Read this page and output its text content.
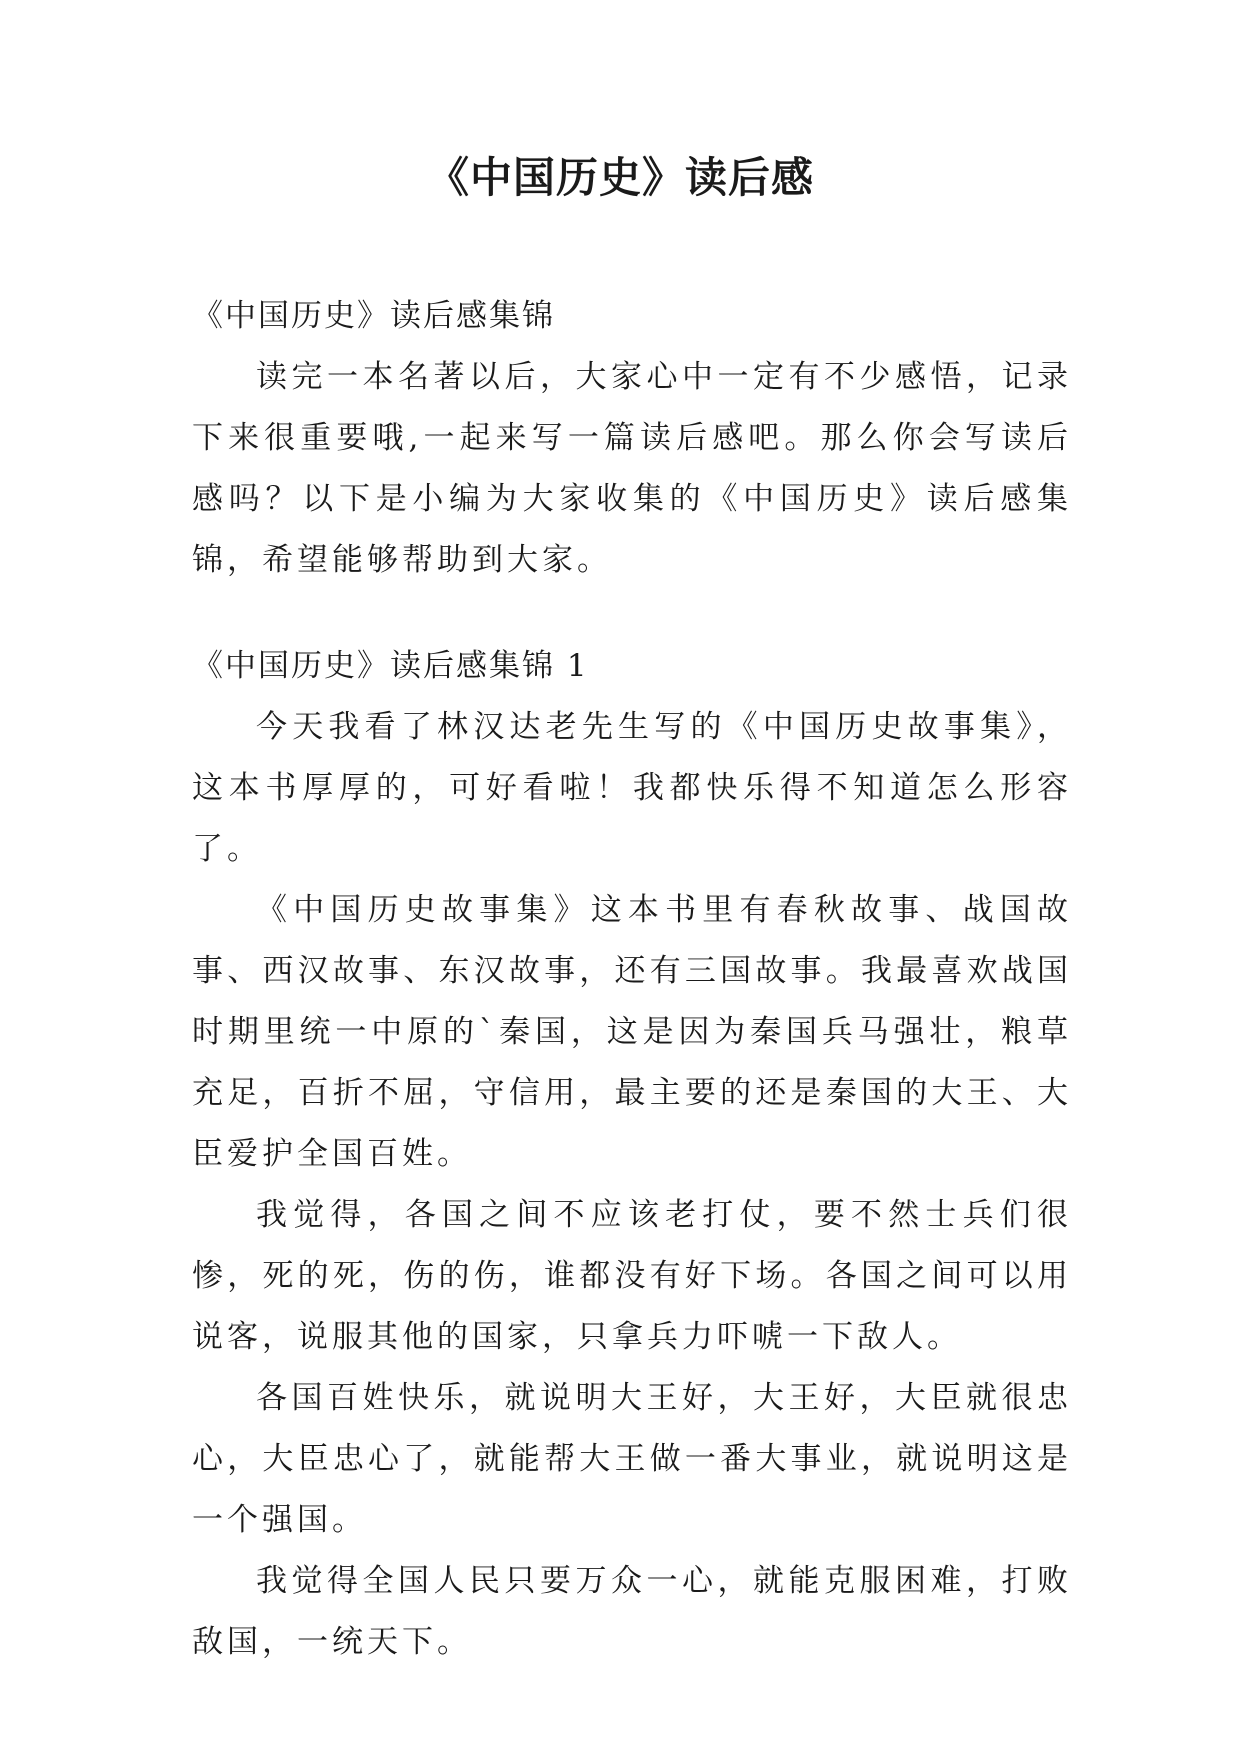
《中国历史》读后感

《中国历史》读后感集锦

读完一本名著以后，大家心中一定有不少感悟，记录下来很重要哦,一起来写一篇读后感吧。那么你会写读后感吗？以下是小编为大家收集的《中国历史》读后感集锦，希望能够帮助到大家。

《中国历史》读后感集锦 1

今天我看了林汉达老先生写的《中国历史故事集》，这本书厚厚的，可好看啦！我都快乐得不知道怎么形容了。

《中国历史故事集》这本书里有春秋故事、战国故事、西汉故事、东汉故事，还有三国故事。我最喜欢战国时期里统一中原的`秦国，这是因为秦国兵马强壮，粮草充足，百折不屈，守信用，最主要的还是秦国的大王、大臣爱护全国百姓。

我觉得，各国之间不应该老打仗，要不然士兵们很惨，死的死，伤的伤，谁都没有好下场。各国之间可以用说客，说服其他的国家，只拿兵力吓唬一下敌人。

各国百姓快乐，就说明大王好，大王好，大臣就很忠心，大臣忠心了，就能帮大王做一番大事业，就说明这是一个强国。

我觉得全国人民只要万众一心，就能克服困难，打败敌国，一统天下。
